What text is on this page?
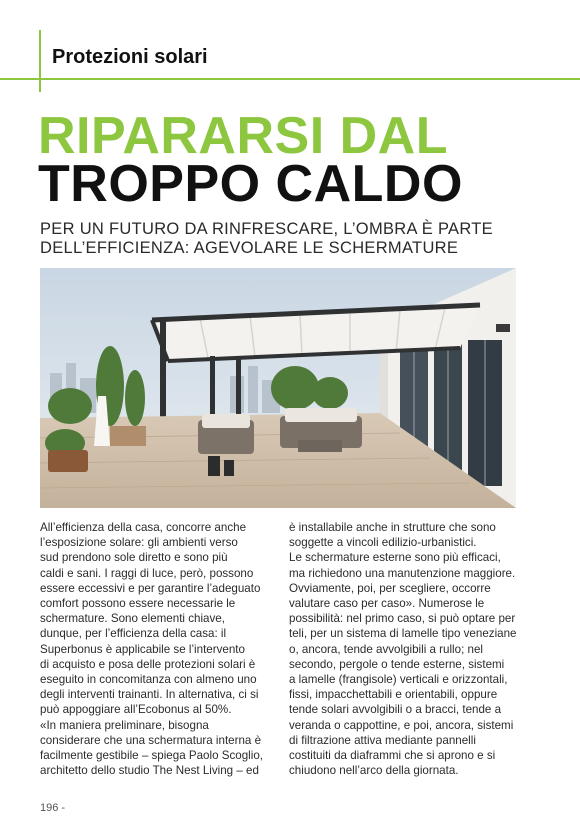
Protezioni solari
RIPARARSI DAL
TROPPO CALDO
PER UN FUTURO DA RINFRESCARE, L’OMBRA È PARTE
DELL’EFFICIENZA: AGEVOLARE LE SCHERMATURE
All’efficienza della casa, concorre anche
l’esposizione solare: gli ambienti verso
sud prendono sole diretto e sono più
caldi e sani. I raggi di luce, però, possono
essere eccessivi e per garantire l’adeguato
comfort possono essere necessarie le
schermature. Sono elementi chiave,
dunque, per l’efficienza della casa: il
Superbonus è applicabile se l’intervento
di acquisto e posa delle protezioni solari è
eseguito in concomitanza con almeno uno
degli interventi trainanti. In alternativa, ci si
può appoggiare all’Ecobonus al 50%.
«In maniera preliminare, bisogna
considerare che una schermatura interna è
facilmente gestibile – spiega Paolo Scoglio,
architetto dello studio The Nest Living – ed
è installabile anche in strutture che sono
soggette a vincoli edilizio-urbanistici.
Le schermature esterne sono più efficaci,
ma richiedono una manutenzione maggiore.
Ovviamente, poi, per scegliere, occorre
valutare caso per caso». Numerose le
possibilità: nel primo caso, si può optare per
teli, per un sistema di lamelle tipo veneziane
o, ancora, tende avvolgibili a rullo; nel
secondo, pergole o tende esterne, sistemi
a lamelle (frangisole) verticali e orizzontali,
fissi, impacchettabili e orientabili, oppure
tende solari avvolgibili o a bracci, tende a
veranda o cappottine, e poi, ancora, sistemi
di filtrazione attiva mediante pannelli
costituiti da diaframmi che si aprono e si
chiudono nell’arco della giornata.
196 -
